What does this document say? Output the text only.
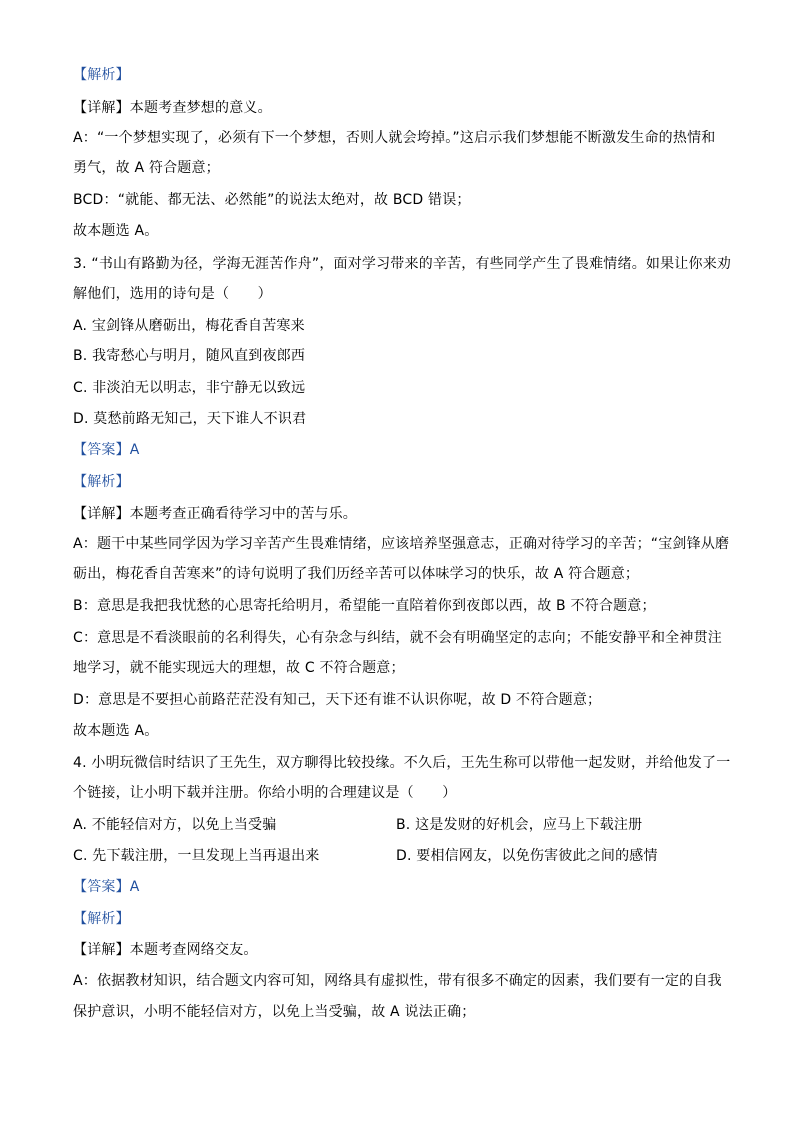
【解析】
【详解】本题考查梦想的意义。
A：“一个梦想实现了，必须有下一个梦想，否则人就会垮掉。”这启示我们梦想能不断激发生命的热情和
勇气，故 A 符合题意；
BCD：“就能、都无法、必然能”的说法太绝对，故 BCD 错误；
故本题选 A。
3. “书山有路勤为径，学海无涯苦作舟”，面对学习带来的辛苦，有些同学产生了畏难情绪。如果让你来劝
解他们，选用的诗句是（　　）
A. 宝剑锋从磨砺出，梅花香自苦寒来
B. 我寄愁心与明月，随风直到夜郎西
C. 非淡泊无以明志，非宁静无以致远
D. 莫愁前路无知己，天下谁人不识君
【答案】A
【解析】
【详解】本题考查正确看待学习中的苦与乐。
A：题干中某些同学因为学习辛苦产生畏难情绪，应该培养坚强意志，正确对待学习的辛苦；“宝剑锋从磨
砺出，梅花香自苦寒来”的诗句说明了我们历经辛苦可以体味学习的快乐，故 A 符合题意；
B：意思是我把我忧愁的心思寄托给明月，希望能一直陪着你到夜郎以西，故 B 不符合题意；
C：意思是不看淡眼前的名利得失，心有杂念与纠结，就不会有明确坚定的志向；不能安静平和全神贯注
地学习，就不能实现远大的理想，故 C 不符合题意；
D：意思是不要担心前路茫茫没有知己，天下还有谁不认识你呢，故 D 不符合题意；
故本题选 A。
4. 小明玩微信时结识了王先生，双方聊得比较投缘。不久后，王先生称可以带他一起发财，并给他发了一
个链接，让小明下载并注册。你给小明的合理建议是（　　）
A. 不能轻信对方，以免上当受骗	B. 这是发财的好机会，应马上下载注册
C. 先下载注册，一旦发现上当再退出来	D. 要相信网友，以免伤害彼此之间的感情
【答案】A
【解析】
【详解】本题考查网络交友。
A：依据教材知识，结合题文内容可知，网络具有虚拟性，带有很多不确定的因素，我们要有一定的自我
保护意识，小明不能轻信对方，以免上当受骗，故 A 说法正确；
